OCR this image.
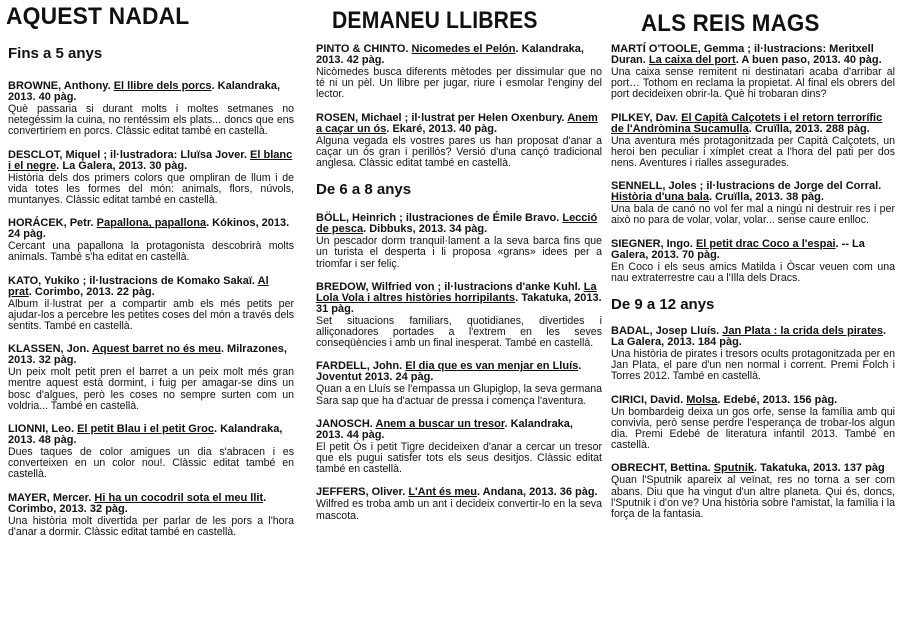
AQUEST NADAL
Fins a 5 anys
BROWNE, Anthony. El llibre dels porcs. Kalandraka, 2013. 40 pàg.
Què passaria si durant molts i moltes setmanes no netegéssim la cuina, no rentéssim els plats... doncs que ens convertiríem en porcs. Clàssic editat també en castellà.
DESCLOT, Miquel ; il·lustradora: Lluïsa Jover. El blanc i el negre. La Galera, 2013. 30 pàg.
Història dels dos primers colors que ompliran de llum i de vida totes les formes del món: animals, flors, núvols, muntanyes. Clàssic editat també en castellà.
HORÁCEK, Petr. Papallona, papallona. Kókinos, 2013. 24 pàg.
Cercant una papallona la protagonista descobrirà molts animals. També s'ha editat en castellà.
KATO, Yukiko ; il·lustracions de Komako Sakaï. Al prat. Corimbo, 2013. 22 pàg.
Album il·lustrat per a compartir amb els més petits per ajudar-los a percebre les petites coses del món a través dels sentits. També en castellà.
KLASSEN, Jon. Aquest barret no és meu. Milrazones, 2013. 32 pàg.
Un peix molt petit pren el barret a un peix molt més gran mentre aquest està dormint, i fuig per amagar-se dins un bosc d'algues, però les coses no sempre surten com un voldria... També en castellà.
LIONNI, Leo. El petit Blau i el petit Groc. Kalandraka, 2013. 48 pàg.
Dues taques de color amigues un dia s'abracen i es converteixen en un color nou!. Clàssic editat també en castellà.
MAYER, Mercer. Hi ha un cocodril sota el meu llit. Corimbo, 2013. 32 pàg.
Una història molt divertida per parlar de les pors a l'hora d'anar a dormir. Clàssic editat també en castellà.
DEMANEU LLIBRES
PINTO & CHINTO. Nicomedes el Pelón. Kalandraka, 2013. 42 pàg.
Nicòmedes busca diferents mètodes per dissimular que no té ni un pèl. Un llibre per jugar, riure i esmolar l'enginy del lector.
ROSEN, Michael ; il·lustrat per Helen Oxenbury. Anem a caçar un ós. Ekaré, 2013. 40 pàg.
Alguna vegada els vostres pares us han proposat d'anar a caçar un ós gran i perillós? Versió d'una cançó tradicional anglesa. Clàssic editat també en castellà.
De 6 a 8 anys
BÖLL, Heinrich ; ilustraciones de Émile Bravo. Lecció de pesca. Dibbuks, 2013. 34 pàg.
Un pescador dorm tranquil·lament a la seva barca fins que un turista el desperta i li proposa «grans» idees per a triomfar i ser feliç.
BREDOW, Wilfried von ; il·lustracions d'anke Kuhl. La Lola Vola i altres històries horripilants. Takatuka, 2013. 31 pàg.
Set situacions familiars, quotidianes, divertides i alliçonadores portades a l'extrem en les seves conseqüències i amb un final inesperat. També en castellà.
FARDELL, John. El dia que es van menjar en Lluís. Joventut 2013. 24 pàg.
Quan a en Lluís se l'empassa un Glupiglop, la seva germana Sara sap que ha d'actuar de pressa i comença l'aventura.
JANOSCH. Anem a buscar un tresor. Kalandraka, 2013. 44 pàg.
El petit Ós i petit Tigre decideixen d'anar a cercar un tresor que els pugui satisfer tots els seus desitjos. Clàssic editat també en castellà.
JEFFERS, Oliver. L'Ant és meu. Andana, 2013. 36 pàg.
Wilfred es troba amb un ant i decideix convertir-lo en la seva mascota.
ALS REIS MAGS
MARTÍ O'TOOLE, Gemma ; il·lustracions: Meritxell Duran. La caixa del port. A buen paso, 2013. 40 pàg.
Una caixa sense remitent ni destinatari acaba d'arribar al port… Tothom en reclama la propietat. Al final els obrers del port decideixen obrir-la. Què hi trobaran dins?
PILKEY, Dav. El Capità Calçotets i el retorn terrorífic de l'Andròmina Sucamulla. Cruïlla, 2013. 288 pàg.
Una aventura més protagonitzada per Capità Calçotets, un heroi ben peculiar i xímplet creat a l'hora del pati per dos nens. Aventures i rialles assegurades.
SENNELL, Joles ; il·lustracions de Jorge del Corral. Història d'una bala. Cruïlla, 2013. 38 pàg.
Una bala de canó no vol fer mal a ningú ni destruir res i per això no para de volar, volar, volar... sense caure enlloc.
SIEGNER, Ingo. El petit drac Coco a l'espai. -- La Galera, 2013. 70 pàg.
En Coco i els seus amics Matilda i Òscar veuen com una nau extraterrestre cau a l'Illa dels Dracs.
De 9 a 12 anys
BADAL, Josep Lluís. Jan Plata : la crida dels pirates. La Galera, 2013. 184 pàg.
Una història de pirates i tresors ocults protagonitzada per en Jan Plata, el pare d'un nen normal i corrent. Premi Folch i Torres 2012. També en castellà.
CIRICI, David. Molsa. Edebé, 2013. 156 pàg.
Un bombardeig deixa un gos orfe, sense la família amb qui convivia, però sense perdre l'esperança de trobar-los algun dia. Premi Edebé de literatura infantil 2013. També en castellà.
OBRECHT, Bettina. Sputnik. Takatuka, 2013. 137 pàg
Quan l'Sputnik apareix al veïnat, res no torna a ser com abans. Diu que ha vingut d'un altre planeta. Qui és, doncs, l'Sputnik i d'on ve? Una història sobre l'amistat, la família i la força de la fantasia.
